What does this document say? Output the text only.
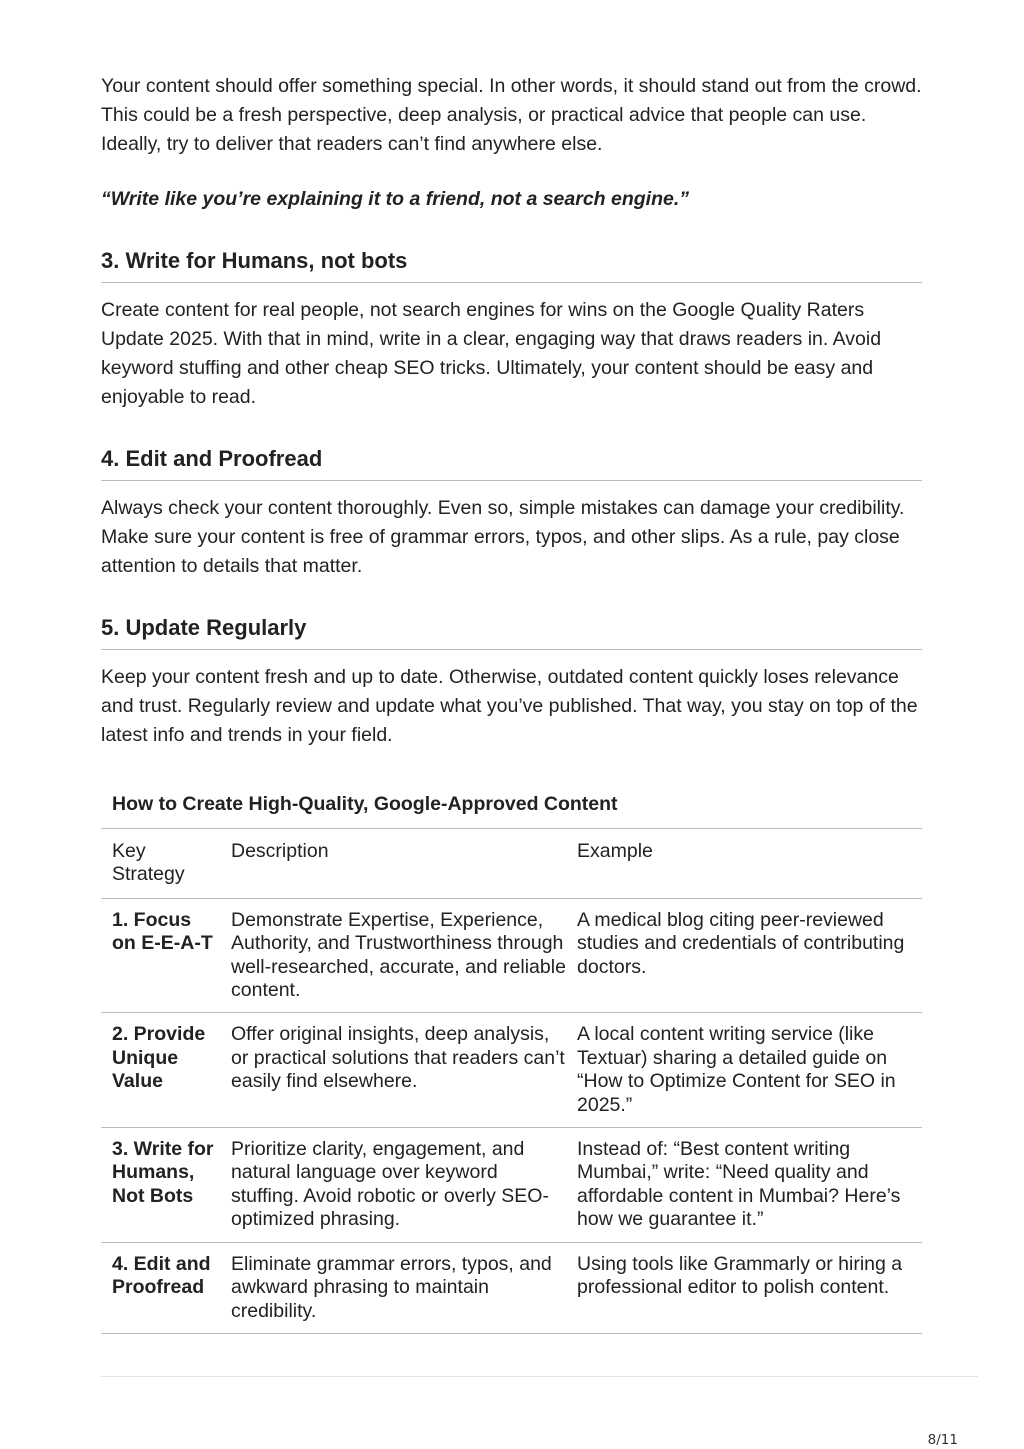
Your content should offer something special. In other words, it should stand out from the crowd. This could be a fresh perspective, deep analysis, or practical advice that people can use. Ideally, try to deliver that readers can’t find anywhere else.

“Write like you’re explaining it to a friend, not a search engine.”

3. Write for Humans, not bots

Create content for real people, not search engines for wins on the Google Quality Raters Update 2025. With that in mind, write in a clear, engaging way that draws readers in. Avoid keyword stuffing and other cheap SEO tricks. Ultimately, your content should be easy and enjoyable to read.

4. Edit and Proofread

Always check your content thoroughly. Even so, simple mistakes can damage your credibility. Make sure your content is free of grammar errors, typos, and other slips. As a rule, pay close attention to details that matter.

5. Update Regularly

Keep your content fresh and up to date. Otherwise, outdated content quickly loses relevance and trust. Regularly review and update what you’ve published. That way, you stay on top of the latest info and trends in your field.

How to Create High-Quality, Google-Approved Content
Key Strategy	Description	Example
1. Focus on E-E-A-T	Demonstrate Expertise, Experience, Authority, and Trustworthiness through well-researched, accurate, and reliable content.	A medical blog citing peer-reviewed studies and credentials of contributing doctors.
2. Provide Unique Value	Offer original insights, deep analysis, or practical solutions that readers can’t easily find elsewhere.	A local content writing service (like Textuar) sharing a detailed guide on “How to Optimize Content for SEO in 2025.”
3. Write for Humans, Not Bots	Prioritize clarity, engagement, and natural language over keyword stuffing. Avoid robotic or overly SEO-optimized phrasing.	Instead of: “Best content writing Mumbai,” write: “Need quality and affordable content in Mumbai? Here’s how we guarantee it.”
4. Edit and Proofread	Eliminate grammar errors, typos, and awkward phrasing to maintain credibility.	Using tools like Grammarly or hiring a professional editor to polish content.
8/11
